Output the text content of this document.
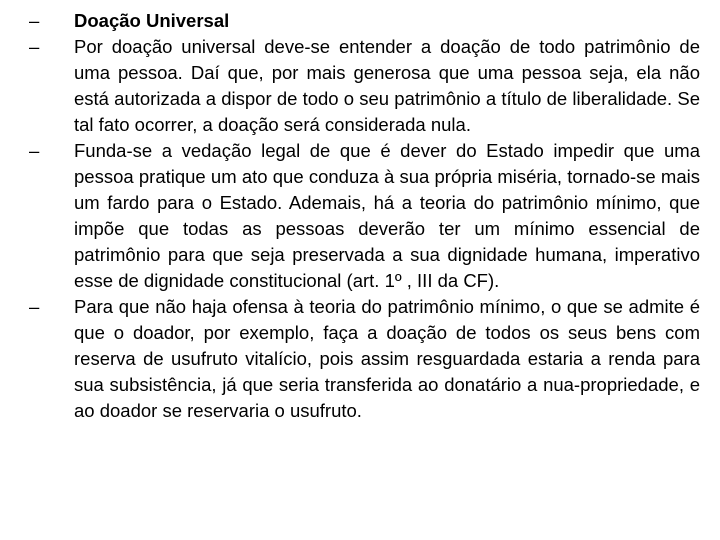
–	Doação Universal
–	Por doação universal deve-se entender a doação de todo patrimônio de uma pessoa. Daí que, por mais generosa que uma pessoa seja, ela não está autorizada a dispor de todo o seu patrimônio a título de liberalidade. Se tal fato ocorrer, a doação será considerada nula.
–	Funda-se a vedação legal de que é dever do Estado impedir que uma pessoa pratique um ato que conduza à sua própria miséria, tornado-se mais um fardo para o Estado. Ademais, há a teoria do patrimônio mínimo, que impõe que todas as pessoas deverão ter um mínimo essencial de patrimônio para que seja preservada a sua dignidade humana, imperativo esse de dignidade constitucional (art. 1º , III da CF).
–	Para que não haja ofensa à teoria do patrimônio mínimo, o que se admite é que o doador, por exemplo, faça a doação de todos os seus bens com reserva de usufruto vitalício, pois assim resguardada estaria a renda para sua subsistência, já que seria transferida ao donatário a nua-propriedade, e ao doador se reservaria o usufruto.
